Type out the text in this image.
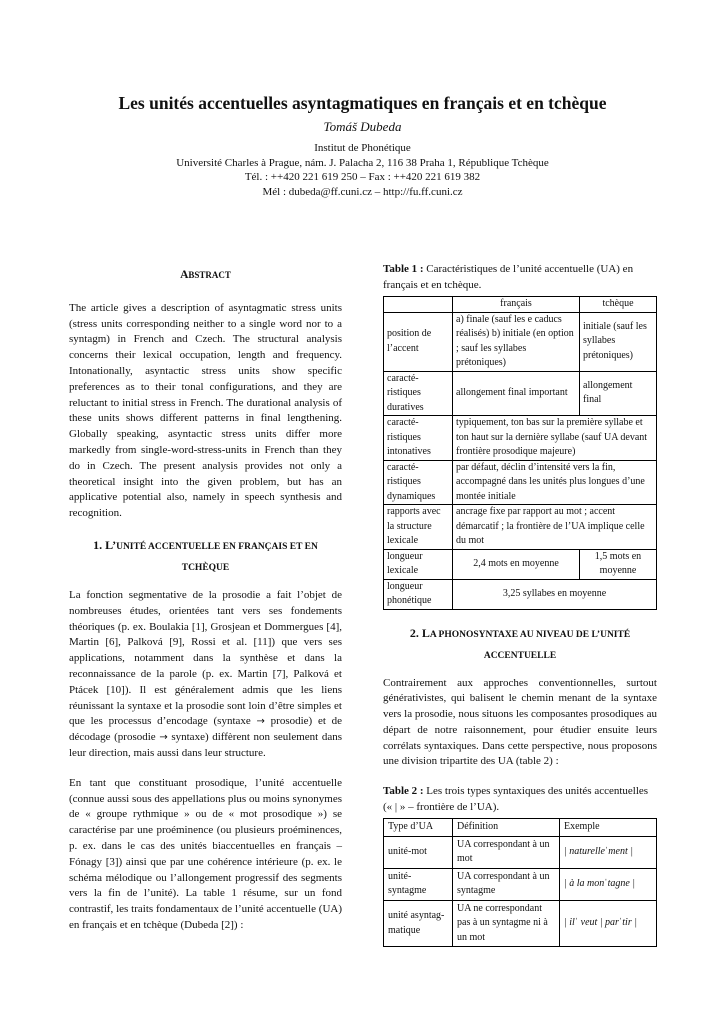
Les unités accentuelles asyntagmatiques en français et en tchèque
Tomáš Dubeda
Institut de Phonétique
Université Charles à Prague, nám. J. Palacha 2, 116 38 Praha 1, République Tchèque
Tél. : ++420 221 619 250 – Fax : ++420 221 619 382
Mél : dubeda@ff.cuni.cz – http://fu.ff.cuni.cz
ABSTRACT

The article gives a description of asyntagmatic stress units (stress units corresponding neither to a single word nor to a syntagm) in French and Czech. The structural analysis concerns their lexical occupation, length and frequency. Intonationally, asyntactic stress units show specific preferences as to their tonal configurations, and they are reluctant to initial stress in French. The durational analysis of these units shows different patterns in final lengthening. Globally speaking, asyntactic stress units differ more markedly from single-word-stress-units in French than they do in Czech. The present analysis provides not only a theoretical insight into the given problem, but has an applicative potential also, namely in speech synthesis and recognition.

1. L’UNITÉ ACCENTUELLE EN FRANÇAIS ET EN
TCHÈQUE

La fonction segmentative de la prosodie a fait l’objet de nombreuses études, orientées tant vers ses fondements théoriques (p. ex. Boulakia [1], Grosjean et Dommergues [4], Martin [6], Palková [9], Rossi et al. [11]) que vers ses applications, notamment dans la synthèse et dans la reconnaissance de la parole (p. ex. Martin [7], Palková et Ptácek [10]). Il est généralement admis que les liens réunissant la syntaxe et la prosodie sont loin d’être simples et que les processus d’encodage (syntaxe → prosodie) et de décodage (prosodie → syntaxe) diffèrent non seulement dans leur direction, mais aussi dans leur structure.

En tant que constituant prosodique, l’unité accentuelle (connue aussi sous des appellations plus ou moins synonymes de « groupe rythmique » ou de « mot prosodique ») se caractérise par une proéminence (ou plusieurs proéminences, p. ex. dans le cas des unités biaccentuelles en français – Fónagy [3]) ainsi que par une cohérence intérieure (p. ex. le schéma mélodique ou l’allongement progressif des segments vers la fin de l’unité). La table 1 résume, sur un fond contrastif, les traits fondamentaux de l’unité accentuelle (UA) en français et en tchèque (Dubeda [2]) :

Table 1 : Caractéristiques de l’unité accentuelle (UA) en français et en tchèque.
	français	tchèque
position de l’accent	a) finale (sauf les e caducs réalisés) b) initiale (en option ; sauf les syllabes prétoniques)	initiale (sauf les syllabes prétoniques)
caracté-ristiques duratives	allongement final important	allongement final
caracté-ristiques intonatives	typiquement, ton bas sur la première syllabe et ton haut sur la dernière syllabe (sauf UA devant frontière prosodique majeure)	
caracté-ristiques dynamiques	par défaut, déclin d’intensité vers la fin, accompagné dans les unités plus longues d’une montée initiale	
rapports avec la structure lexicale	ancrage fixe par rapport au mot ; accent démarcatif ; la frontière de l’UA implique celle du mot	
longueur lexicale	2,4 mots en moyenne	1,5 mots en moyenne
longueur phonétique	3,25 syllabes en moyenne	
2. LA PHONOSYNTAXE AU NIVEAU DE L’UNITÉ
ACCENTUELLE

Contrairement aux approches conventionnelles, surtout générativistes, qui balisent le chemin menant de la syntaxe vers la prosodie, nous situons les composantes prosodiques au départ de notre raisonnement, pour étudier ensuite leurs corrélats syntaxiques. Dans cette perspective, nous proposons une division tripartite des UA (table 2) :

Table 2 : Les trois types syntaxiques des unités accentuelles (« | » – frontière de l’UA).
Type d’UA	Définition	Exemple
unité-mot	UA correspondant à un mot	| naturelleˈment |
unité-syntagme	UA correspondant à un syntagme	| à la monˈtagne |
unité asyntag-matique	UA ne correspondant pas à un syntagme ni à un mot	| ilˈ veut | parˈtir |
